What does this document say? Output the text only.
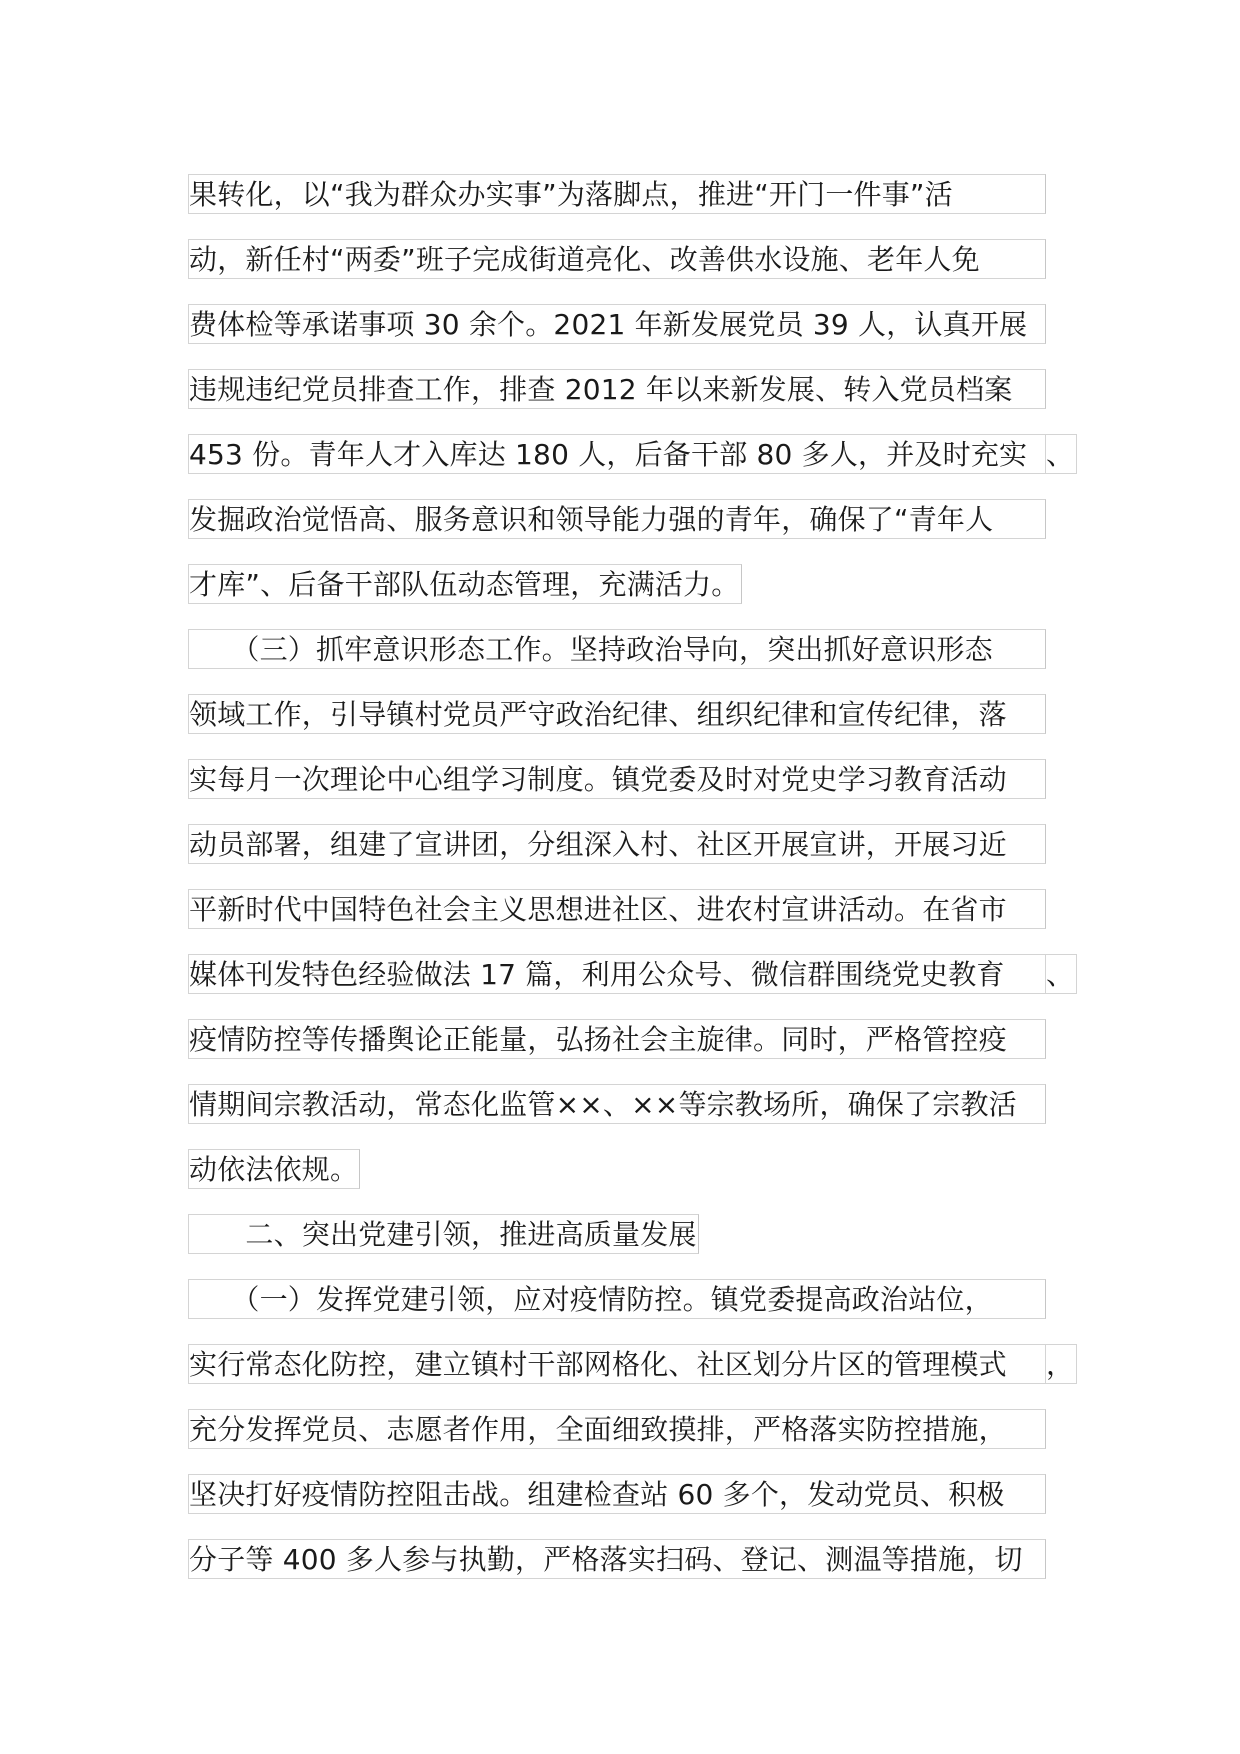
果转化，以“我为群众办实事”为落脚点，推进“开门一件事”活
动，新任村“两委”班子完成街道亮化、改善供水设施、老年人免
费体检等承诺事项 30 余个。2021 年新发展党员 39 人，认真开展
违规违纪党员排查工作，排查 2012 年以来新发展、转入党员档案
453 份。青年人才入库达 180 人，后备干部 80 多人，并及时充实 、
发掘政治觉悟高、服务意识和领导能力强的青年，确保了“青年人
才库”、后备干部队伍动态管理，充满活力。
　　（三）抓牢意识形态工作。坚持政治导向，突出抓好意识形态
领域工作，引导镇村党员严守政治纪律、组织纪律和宣传纪律，落
实每月一次理论中心组学习制度。镇党委及时对党史学习教育活动
动员部署，组建了宣讲团，分组深入村、社区开展宣讲，开展习近
平新时代中国特色社会主义思想进社区、进农村宣讲活动。在省市
媒体刊发特色经验做法 17 篇，利用公众号、微信群围绕党史教育	、
疫情防控等传播舆论正能量，弘扬社会主旋律。同时，严格管控疫
情期间宗教活动，常态化监管××、××等宗教场所，确保了宗教活
动依法依规。
　　二、突出党建引领，推进高质量发展
　　（一）发挥党建引领，应对疫情防控。镇党委提高政治站位，
实行常态化防控，建立镇村干部网格化、社区划分片区的管理模式	，
充分发挥党员、志愿者作用，全面细致摸排，严格落实防控措施，
坚决打好疫情防控阻击战。组建检查站 60 多个，发动党员、积极
分子等 400 多人参与执勤，严格落实扫码、登记、测温等措施，切
